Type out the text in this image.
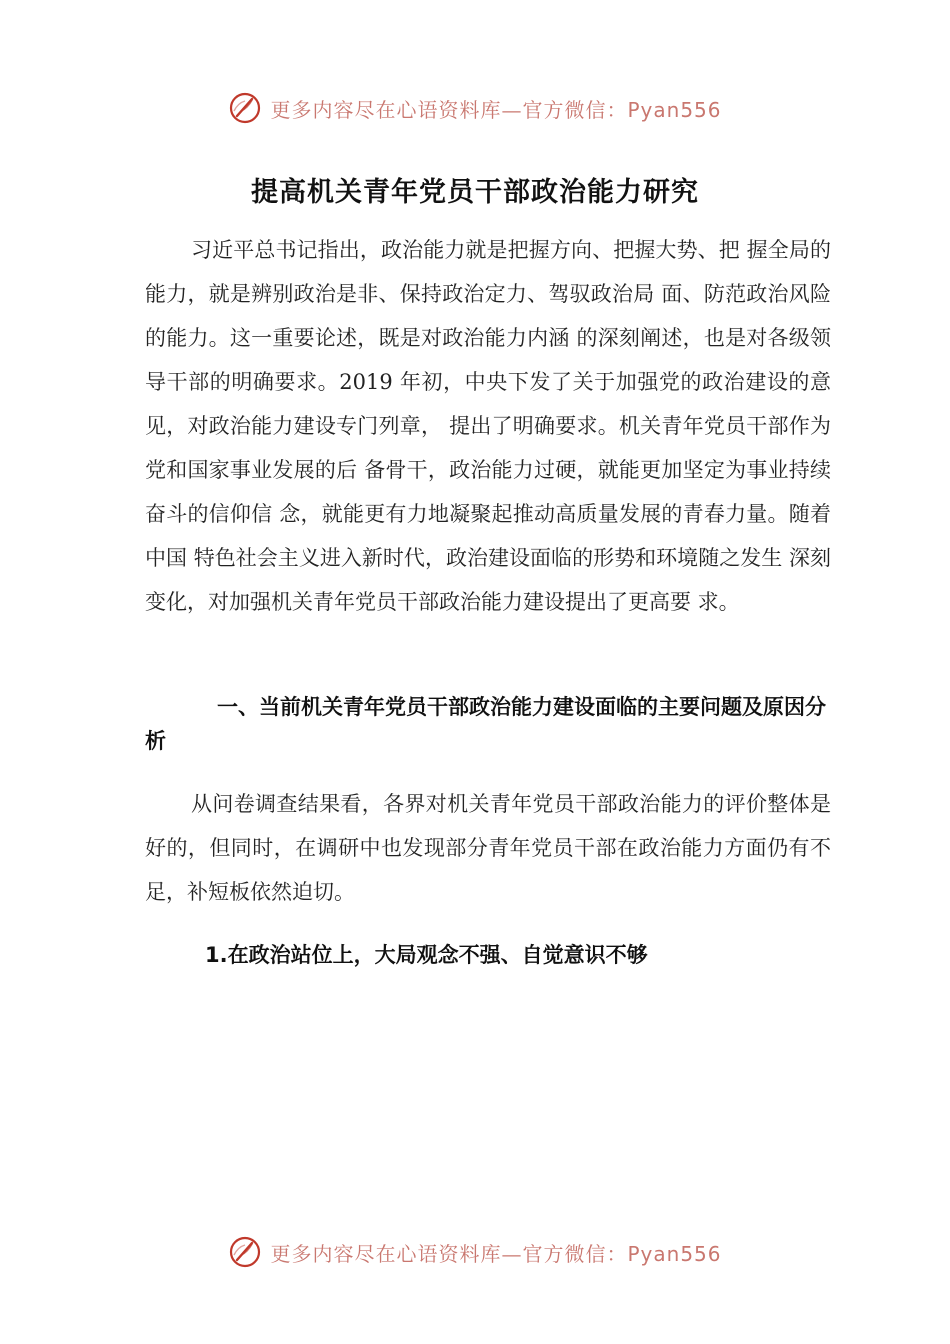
更多内容尽在心语资料库—官方微信：Pyan556
提高机关青年党员干部政治能力研究
习近平总书记指出，政治能力就是把握方向、把握大势、把 握全局的能力，就是辨别政治是非、保持政治定力、驾驭政治局 面、防范政治风险的能力。这一重要论述，既是对政治能力内涵 的深刻阐述，也是对各级领导干部的明确要求。2019 年初，中央下发了关于加强党的政治建设的意见，对政治能力建设专门列章， 提出了明确要求。机关青年党员干部作为党和国家事业发展的后 备骨干，政治能力过硬，就能更加坚定为事业持续奋斗的信仰信 念，就能更有力地凝聚起推动高质量发展的青春力量。随着中国 特色社会主义进入新时代，政治建设面临的形势和环境随之发生 深刻变化，对加强机关青年党员干部政治能力建设提出了更高要 求。
一、当前机关青年党员干部政治能力建设面临的主要问题及原因分析
从问卷调查结果看，各界对机关青年党员干部政治能力的评价整体是好的，但同时，在调研中也发现部分青年党员干部在政治能力方面仍有不足，补短板依然迫切。
1.在政治站位上，大局观念不强、自觉意识不够
更多内容尽在心语资料库—官方微信：Pyan556
